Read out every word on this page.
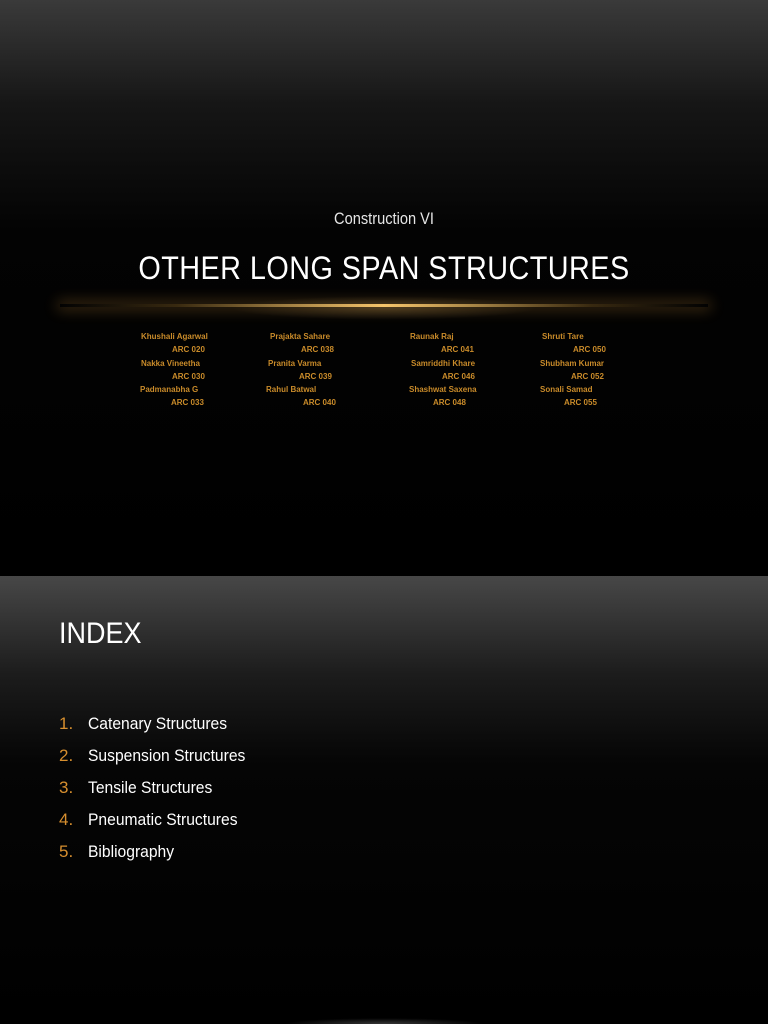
Construction VI
OTHER LONG SPAN STRUCTURES
Khushali Agarwal
ARC 020
Prajakta Sahare
ARC 038
Raunak Raj
ARC 041
Shruti Tare
ARC 050
Nakka Vineetha
ARC 030
Pranita Varma
ARC 039
Samriddhi Khare
ARC 046
Shubham Kumar
ARC 052
Padmanabha G
ARC 033
Rahul Batwal
ARC 040
Shashwat Saxena
ARC 048
Sonali Samad
ARC 055
INDEX
1. Catenary Structures
2. Suspension Structures
3. Tensile Structures
4. Pneumatic Structures
5. Bibliography
